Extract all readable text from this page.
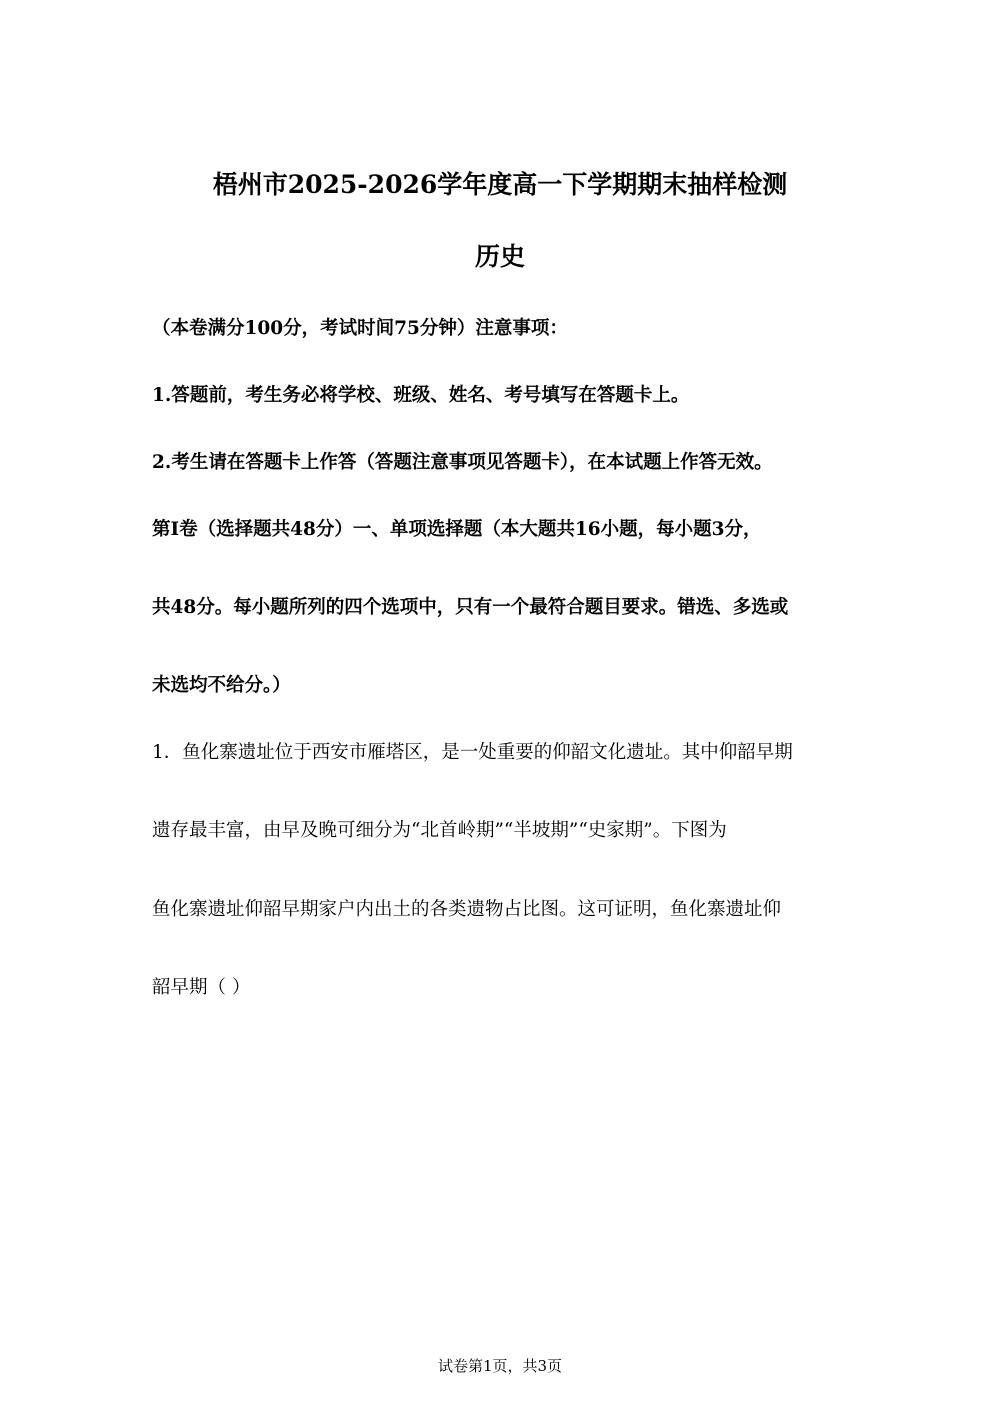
梧州市2025-2026学年度高一下学期期末抽样检测
历史
（本卷满分100分，考试时间75分钟）注意事项：
1.答题前，考生务必将学校、班级、姓名、考号填写在答题卡上。
2.考生请在答题卡上作答（答题注意事项见答题卡），在本试题上作答无效。
第Ⅰ卷（选择题共48分）一、单项选择题（本大题共16小题，每小题3分，
共48分。每小题所列的四个选项中，只有一个最符合题目要求。错选、多选或
未选均不给分。）
1．鱼化寨遗址位于西安市雁塔区，是一处重要的仰韶文化遗址。其中仰韶早期
遗存最丰富，由早及晚可细分为“北首岭期”“半坡期”“史家期”。下图为
鱼化寨遗址仰韶早期家户内出土的各类遗物占比图。这可证明，鱼化寨遗址仰
韶早期（ ）
试卷第1页，共3页
